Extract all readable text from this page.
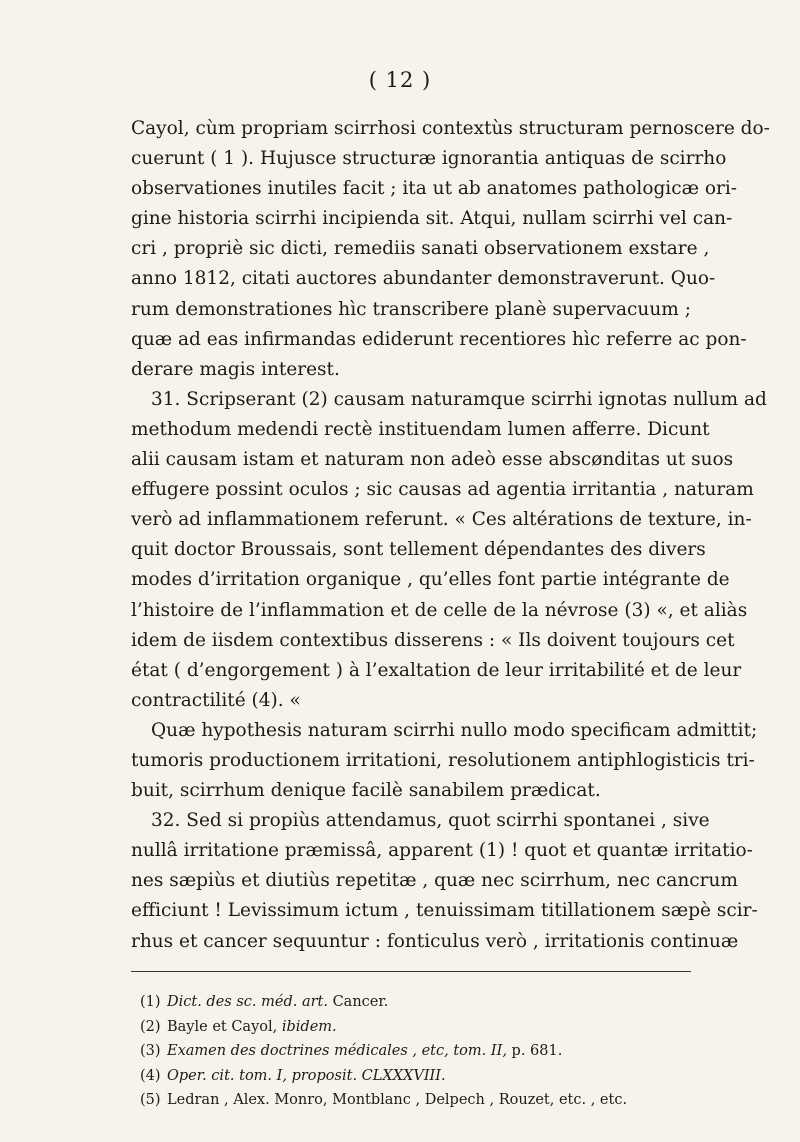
( 12 )
Cayol, cùm propriam scirrhosi contextùs structuram pernoscere do-
cuerunt ( 1 ). Hujusce structuræ ignorantia antiquas de scirrho
observationes inutiles facit ; ita ut ab anatomes pathologicæ ori-
gine historia scirrhi incipienda sit. Atqui, nullam scirrhi vel can-
cri , propriè sic dicti, remediis sanati observationem exstare ,
anno 1812, citati auctores abundanter demonstraverunt. Quo-
rum demonstrationes hìc transcribere planè supervacuum ;
quæ ad eas infirmandas ediderunt recentiores hìc referre ac pon-
derare magis interest.
31. Scripserant (2) causam naturamque scirrhi ignotas nullum ad
methodum medendi rectè instituendam lumen afferre. Dicunt
alii causam istam et naturam non adeò esse abscønditas ut suos
effugere possint oculos ; sic causas ad agentia irritantia , naturam
verò ad inflammationem referunt. « Ces altérations de texture, in-
quit doctor Broussais, sont tellement dépendantes des divers
modes d’irritation organique , qu’elles font partie intégrante de
l’histoire de l’inflammation et de celle de la névrose (3) «, et aliàs
idem de iisdem contextibus disserens : « Ils doivent toujours cet
état ( d’engorgement ) à l’exaltation de leur irritabilité et de leur
contractilité (4). «
Quæ hypothesis naturam scirrhi nullo modo specificam admittit;
tumoris productionem irritationi, resolutionem antiphlogisticis tri-
buit, scirrhum denique facilè sanabilem prædicat.
32. Sed si propiùs attendamus, quot scirrhi spontanei , sive
nullâ irritatione præmissâ, apparent (1) ! quot et quantæ irritatio-
nes sæpiùs et diutiùs repetitæ , quæ nec scirrhum, nec cancrum
efficiunt ! Levissimum ictum , tenuissimam titillationem sæpè scir-
rhus et cancer sequuntur : fonticulus verò , irritationis continuæ
(1) Dict. des sc. méd. art. Cancer.
(2) Bayle et Cayol, ibidem.
(3) Examen des doctrines médicales , etc, tom. II, p. 681.
(4) Oper. cit. tom. I, proposit. CLXXXVIII.
(5) Ledran , Alex. Monro, Montblanc , Delpech , Rouzet, etc. , etc.
